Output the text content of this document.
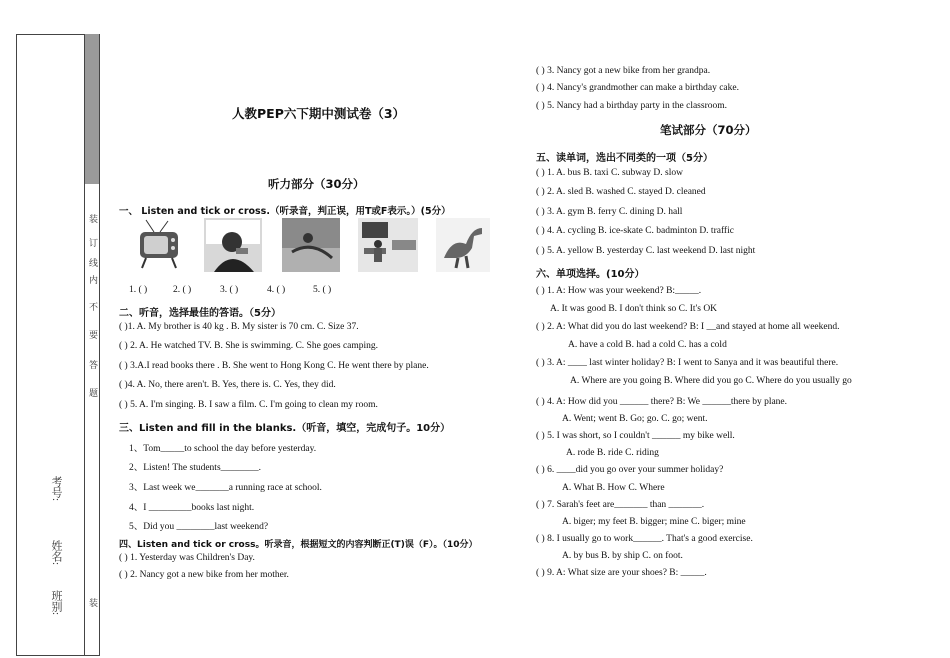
装
订
线
内
不
要
答
题
考号:
姓名:
班别:	装
人教PEP六下期中测试卷（3）
听力部分（30分）
一、 Listen and tick or cross.（听录音，判正误，用T或F表示。）(5分）
1. ( )	2. ( )	3. ( )	4. ( )	5. ( )
二、听音，选择最佳的答语。（5分）
( )1. A. My brother is 40 kg . B. My sister is 70 cm. C. Size 37.
( ) 2. A. He watched TV. B. She is swimming. C. She goes camping.
( ) 3.A.I read books there . B. She went to Hong Kong C. He went there by plane.
( )4. A. No, there aren't. B. Yes, there is. C. Yes, they did.
( ) 5. A. I'm singing. B. I saw a film. C. I'm going to clean my room.
三、Listen and fill in the blanks.（听音，填空，完成句子。10分）
1、Tom_____to school the day before yesterday.
2、Listen! The students________.
3、Last week we_______a running race at school.
4、I _________books last night.
5、Did you ________last weekend?
四、Listen and tick or cross。听录音，根据短文的内容判断正(T)误（F）。（10分）
( ) 1. Yesterday was Children's Day.
( ) 2. Nancy got a new bike from her mother.
( ) 3. Nancy got a new bike from her grandpa.
( ) 4. Nancy's grandmother can make a birthday cake.
( ) 5. Nancy had a birthday party in the classroom.
笔试部分（70分）
五、读单词，选出不同类的一项（5分）
( ) 1. A. bus B. taxi C. subway D. slow
( ) 2. A. sled B. washed C. stayed D. cleaned
( ) 3. A. gym B. ferry C. dining D. hall
( ) 4. A. cycling B. ice-skate C. badminton D. traffic
( ) 5. A. yellow B. yesterday C. last weekend D. last night
六、单项选择。(10分）
( ) 1. A: How was your weekend? B:_____.
A. It was good B. I don't think so C. It's OK
( ) 2. A: What did you do last weekend? B: I __and stayed at home all weekend.
A. have a cold B. had a cold C. has a cold
( ) 3. A: ____ last winter holiday? B: I went to Sanya and it was beautiful there.
A. Where are you going B. Where did you go C. Where do you usually go
( ) 4. A: How did you ______ there? B: We ______there by plane.
A. Went; went B. Go; go. C. go; went.
( ) 5. I was short, so I couldn't ______ my bike well.
A. rode B. ride C. riding
( ) 6. ____did you go over your summer holiday?
A. What B. How C. Where
( ) 7. Sarah's feet are_______ than _______.
A. biger; my feet B. bigger; mine C. biger; mine
( ) 8. I usually go to work______. That's a good exercise.
A. by bus B. by ship C. on foot.
( ) 9. A: What size are your shoes? B: _____.
